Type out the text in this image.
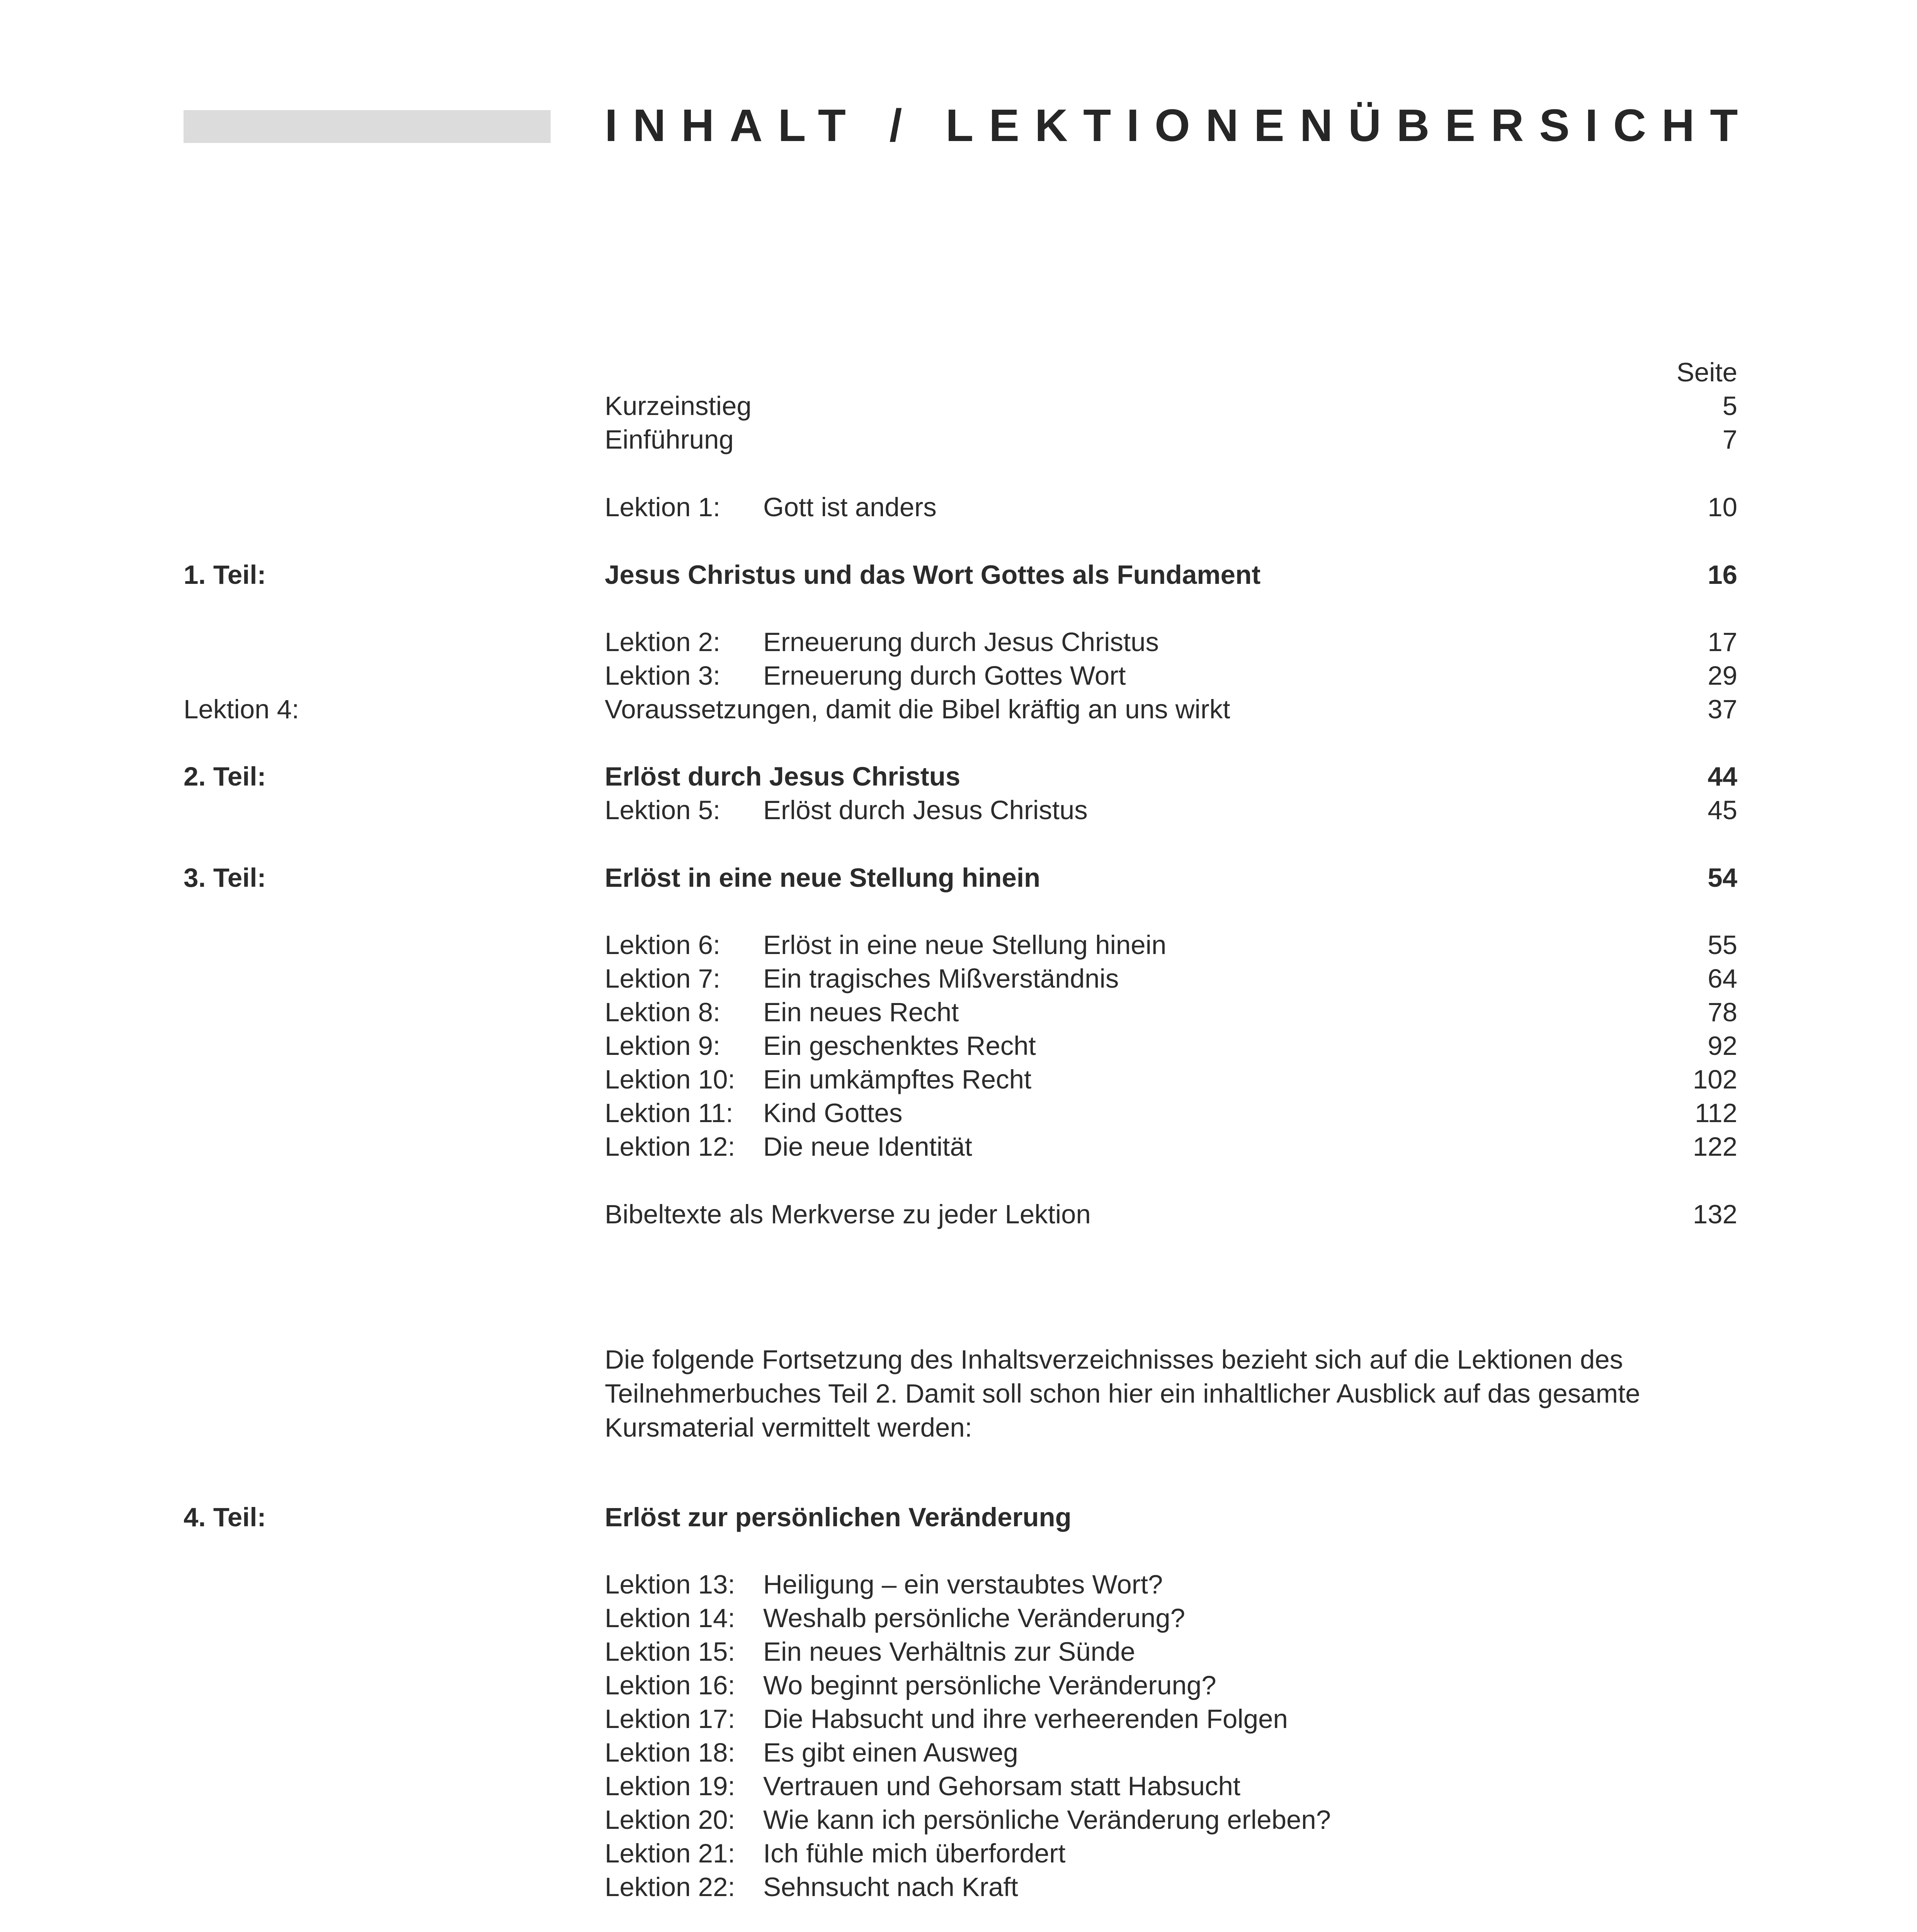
INHALT / LEKTIONENÜBERSICHT
Seite
Kurzeinstieg	5
Einführung	7
Lektion 1: Gott ist anders	10
1. Teil:	Jesus Christus und das Wort Gottes als Fundament	16
Lektion 2: Erneuerung durch Jesus Christus	17
Lektion 3: Erneuerung durch Gottes Wort	29
Lektion 4:	Voraussetzungen, damit die Bibel kräftig an uns wirkt	37
2. Teil:	Erlöst durch Jesus Christus	44
Lektion 5: Erlöst durch Jesus Christus	45
3. Teil:	Erlöst in eine neue Stellung hinein	54
Lektion 6: Erlöst in eine neue Stellung hinein	55
Lektion 7: Ein tragisches Mißverständnis	64
Lektion 8: Ein neues Recht	78
Lektion 9: Ein geschenktes Recht	92
Lektion 10: Ein umkämpftes Recht	102
Lektion 11: Kind Gottes	112
Lektion 12: Die neue Identität	122
Bibeltexte als Merkverse zu jeder Lektion	132
Die folgende Fortsetzung des Inhaltsverzeichnisses bezieht sich auf die Lektionen des Teilnehmerbuches Teil 2. Damit soll schon hier ein inhaltlicher Ausblick auf das gesamte Kursmaterial vermittelt werden:
4. Teil:	Erlöst zur persönlichen Veränderung
Lektion 13: Heiligung – ein verstaubtes Wort?
Lektion 14: Weshalb persönliche Veränderung?
Lektion 15: Ein neues Verhältnis zur Sünde
Lektion 16: Wo beginnt persönliche Veränderung?
Lektion 17: Die Habsucht und ihre verheerenden Folgen
Lektion 18: Es gibt einen Ausweg
Lektion 19: Vertrauen und Gehorsam statt Habsucht
Lektion 20: Wie kann ich persönliche Veränderung erleben?
Lektion 21: Ich fühle mich überfordert
Lektion 22: Sehnsucht nach Kraft
